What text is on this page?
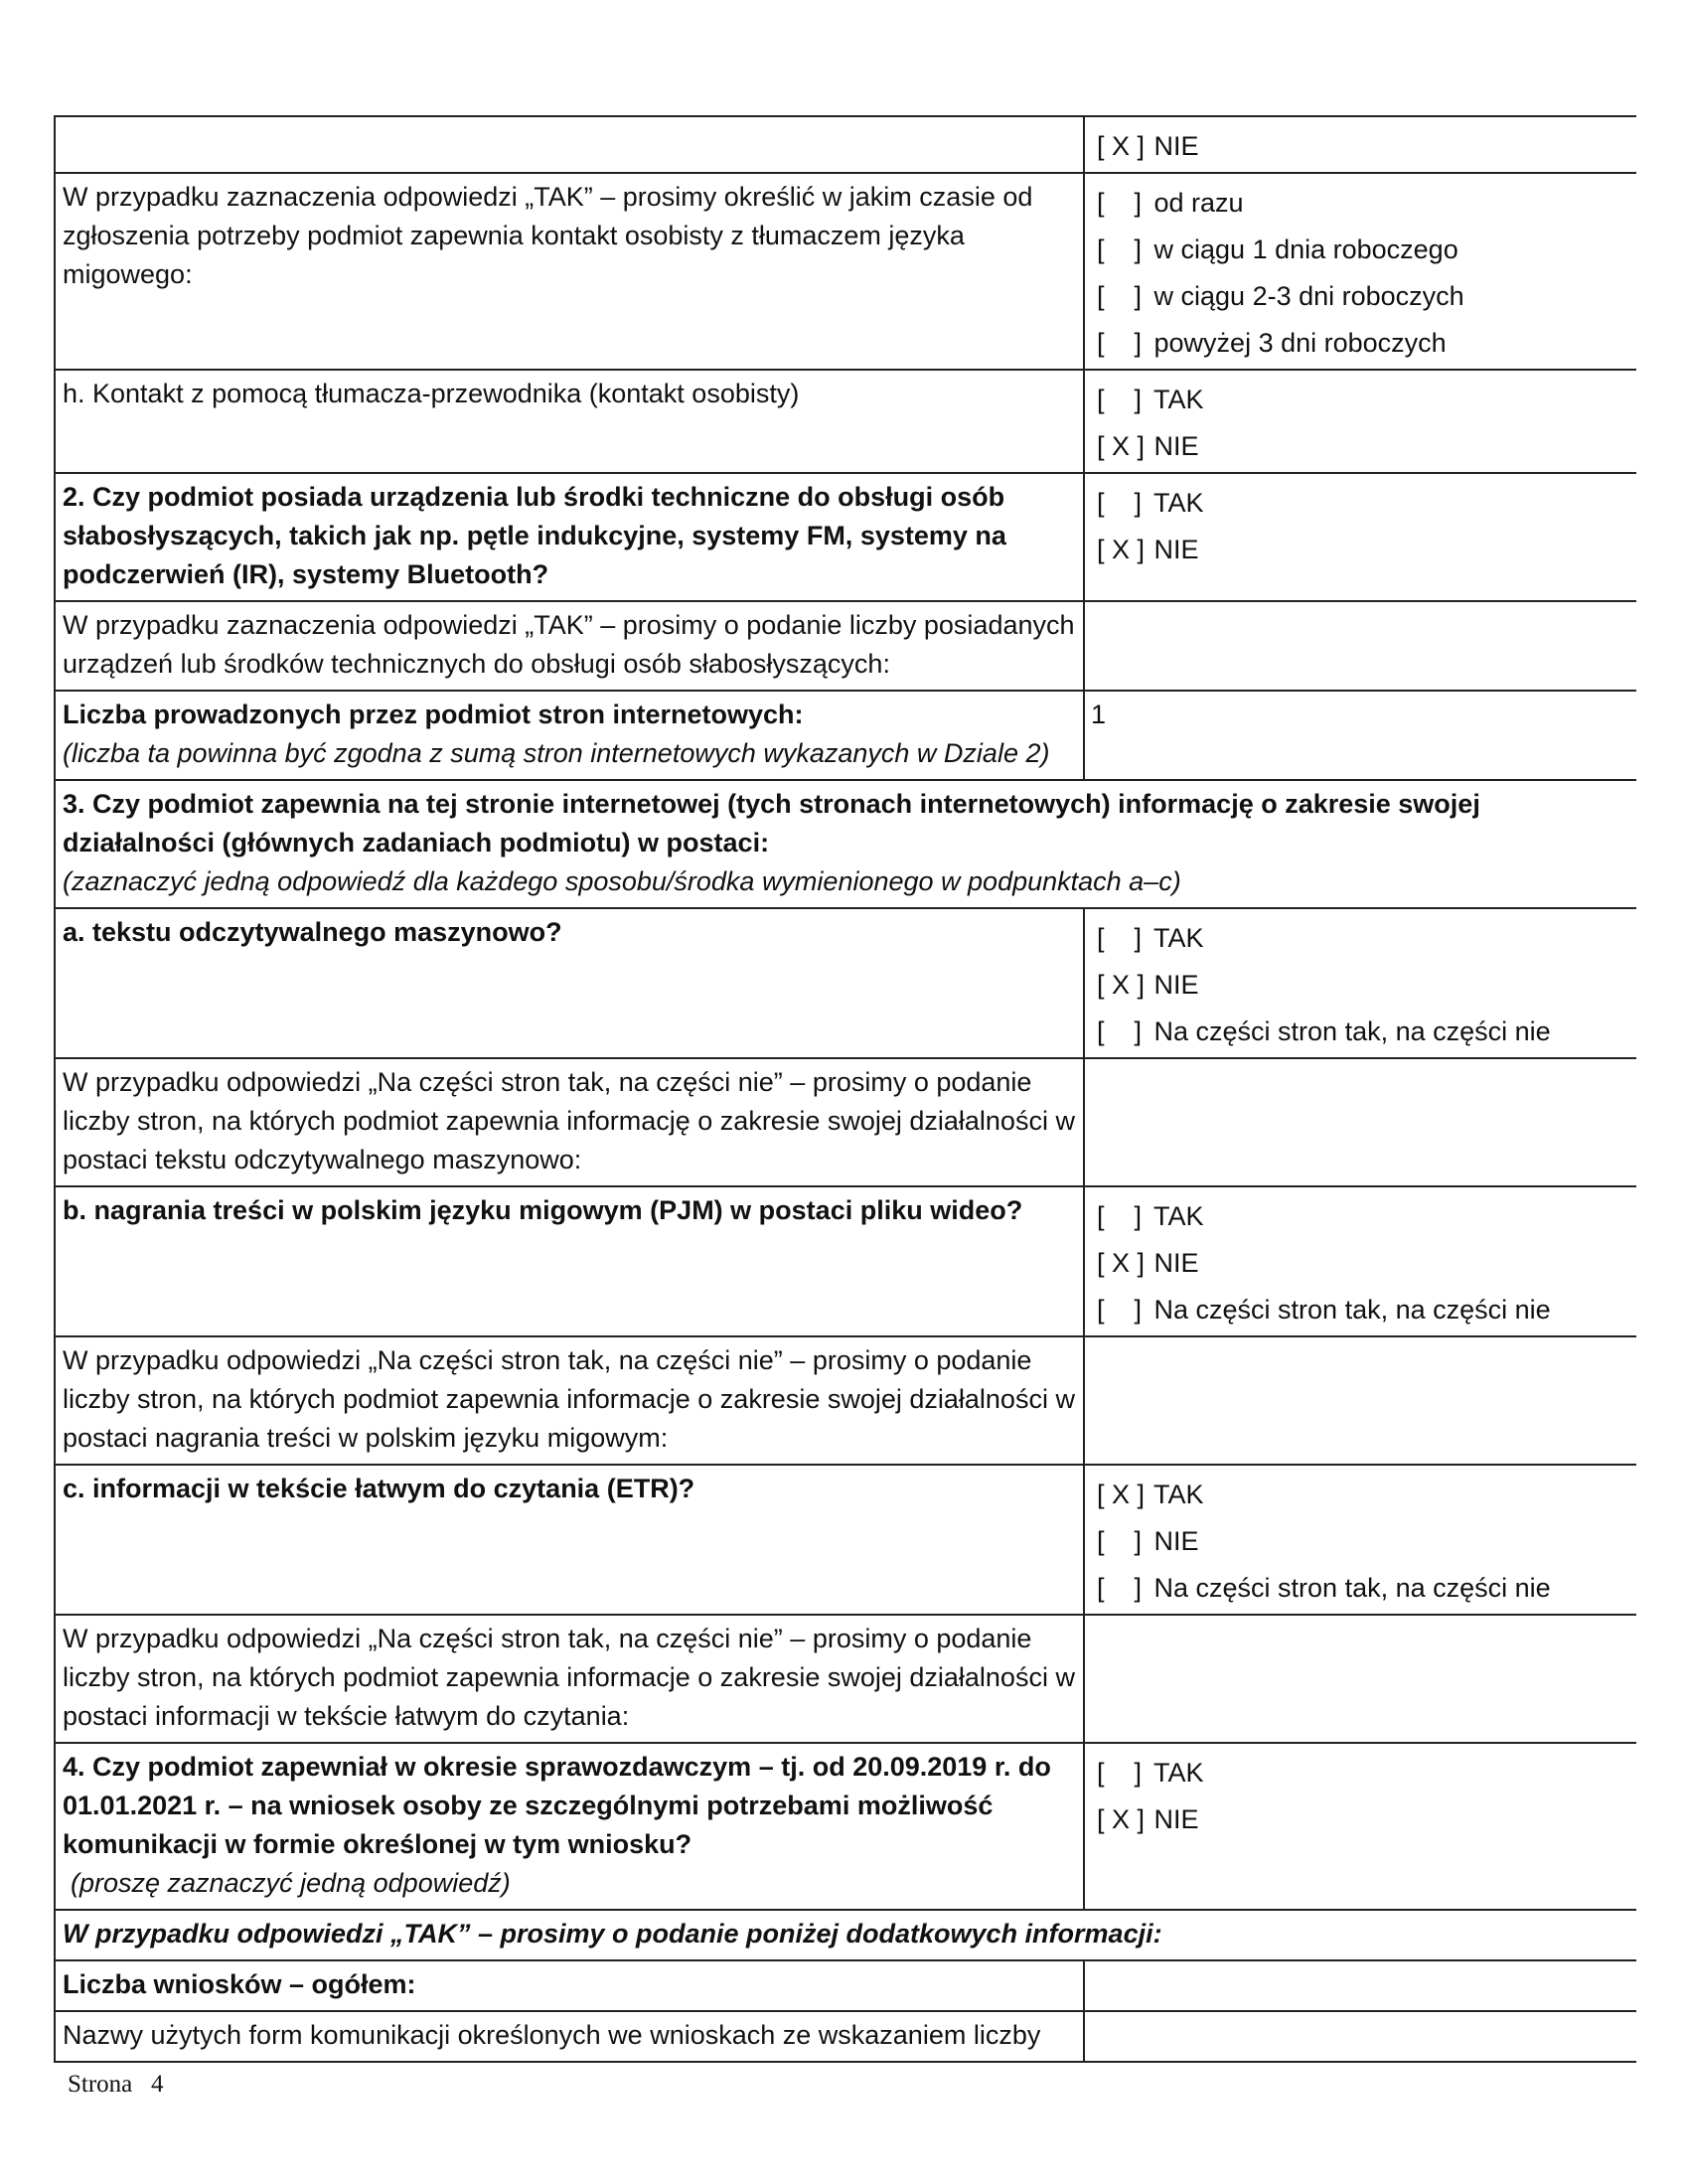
	[ X ] NIE

W przypadku zaznaczenia odpowiedzi „TAK” – prosimy określić w jakim czasie od zgłoszenia potrzeby podmiot zapewnia kontakt osobisty z tłumaczem języka migowego:	[    ] od razu
[    ] w ciągu 1 dnia roboczego
[    ] w ciągu 2-3 dni roboczych
[    ] powyżej 3 dni roboczych

h. Kontakt z pomocą tłumacza-przewodnika (kontakt osobisty)	[    ] TAK
[ X ] NIE

2. Czy podmiot posiada urządzenia lub środki techniczne do obsługi osób słabosłyszących, takich jak np. pętle indukcyjne, systemy FM, systemy na podczerwień (IR), systemy Bluetooth?	[    ] TAK
[ X ] NIE

W przypadku zaznaczenia odpowiedzi „TAK” – prosimy o podanie liczby posiadanych urządzeń lub środków technicznych do obsługi osób słabosłyszących:	

Liczba prowadzonych przez podmiot stron internetowych:
(liczba ta powinna być zgodna z sumą stron internetowych wykazanych w Dziale 2)	1

3. Czy podmiot zapewnia na tej stronie internetowej (tych stronach internetowych) informację o zakresie swojej działalności (głównych zadaniach podmiotu) w postaci:
(zaznaczyć jedną odpowiedź dla każdego sposobu/środka wymienionego w podpunktach a–c)	

a. tekstu odczytywalnego maszynowo?	[    ] TAK
[ X ] NIE
[    ] Na części stron tak, na części nie

W przypadku odpowiedzi „Na części stron tak, na części nie” – prosimy o podanie liczby stron, na których podmiot zapewnia informację o zakresie swojej działalności w postaci tekstu odczytywalnego maszynowo:	

b. nagrania treści w polskim języku migowym (PJM) w postaci pliku wideo?	[    ] TAK
[ X ] NIE
[    ] Na części stron tak, na części nie

W przypadku odpowiedzi „Na części stron tak, na części nie” – prosimy o podanie liczby stron, na których podmiot zapewnia informacje o zakresie swojej działalności w postaci nagrania treści w polskim języku migowym:	

c. informacji w tekście łatwym do czytania (ETR)?	[ X ] TAK
[    ] NIE
[    ] Na części stron tak, na części nie

W przypadku odpowiedzi „Na części stron tak, na części nie” – prosimy o podanie liczby stron, na których podmiot zapewnia informacje o zakresie swojej działalności w postaci informacji w tekście łatwym do czytania:	

4. Czy podmiot zapewniał w okresie sprawozdawczym – tj. od 20.09.2019 r. do 01.01.2021 r. – na wniosek osoby ze szczególnymi potrzebami możliwość komunikacji w formie określonej w tym wniosku?
(proszę zaznaczyć jedną odpowiedź)	[    ] TAK
[ X ] NIE

W przypadku odpowiedzi „TAK” – prosimy o podanie poniżej dodatkowych informacji:	

Liczba wniosków – ogółem:	

Nazwy użytych form komunikacji określonych we wnioskach ze wskazaniem liczby	

Strona 4
